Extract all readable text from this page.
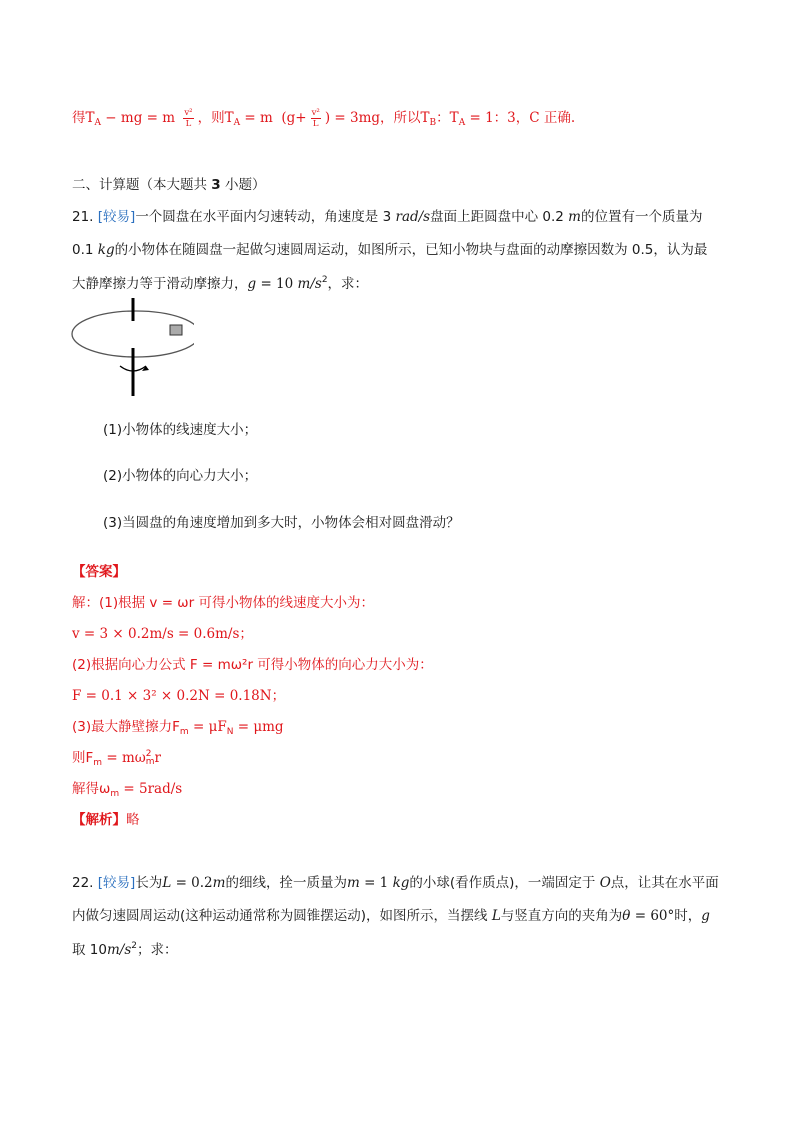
得$T_A$ − mg = m $\frac{\text{v²}}{L}$ ，则$T_A = m$ ($g+ \frac{\text{v²}}{L}$ ) = 3mg，所以$T_B$：$T_A = 1$：3，C 正确.
二、计算题（本大题共 3 小题）
21. [较易]一个圆盘在水平面内匀速转动，角速度是 3 rad/s盘面上距圆盘中心 0.2 m的位置有一个质量为
0.1 kg的小物体在随圆盘一起做匀速圆周运动，如图所示，已知小物块与盘面的动摩擦因数为 0.5，认为最
大静摩擦力等于滑动摩擦力，g = 10 $m/s^2$，求：
(1)小物体的线速度大小；
(2)小物体的向心力大小；
(3)当圆盘的角速度增加到多大时，小物体会相对圆盘滑动？
【答案】
解：(1)根据 v = ωr 可得小物体的线速度大小为：
v = 3 × 0.2m/s = 0.6m/s；
(2)根据向心力公式 F = mω²r 可得小物体的向心力大小为：
F = 0.1 × 3² × 0.2N = 0.18N；
(3)最大静壁擦力$F_m = \mu F_N = \mu mg$
则$F_m = m\omega$ 2
m r
解得$\omega_m = 5rad/s$
【解析】略
22. [较易]长为L = 0.2m的细线，拴一质量为m = 1 kg的小球(看作质点)，一端固定于 O点，让其在水平面
内做匀速圆周运动(这种运动通常称为圆锥摆运动)，如图所示，当摆线 L与竖直方向的夹角为θ = 60°时，g
取 $10m/s^2$；求：
